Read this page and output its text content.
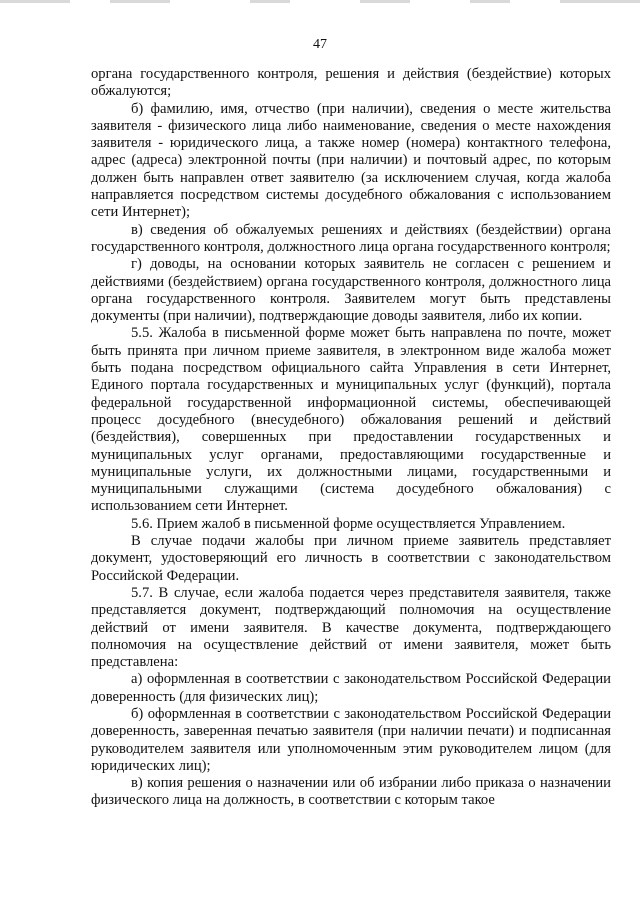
47

органа государственного контроля, решения и действия (бездействие) которых обжалуются;

б) фамилию, имя, отчество (при наличии), сведения о месте жительства заявителя - физического лица либо наименование, сведения о месте нахождения заявителя - юридического лица, а также номер (номера) контактного телефона, адрес (адреса) электронной почты (при наличии) и почтовый адрес, по которым должен быть направлен ответ заявителю (за исключением случая, когда жалоба направляется посредством системы досудебного обжалования с использованием сети Интернет);

в) сведения об обжалуемых решениях и действиях (бездействии) органа государственного контроля, должностного лица органа государственного контроля;

г) доводы, на основании которых заявитель не согласен с решением и действиями (бездействием) органа государственного контроля, должностного лица органа государственного контроля. Заявителем могут быть представлены документы (при наличии), подтверждающие доводы заявителя, либо их копии.

5.5. Жалоба в письменной форме может быть направлена по почте, может быть принята при личном приеме заявителя, в электронном виде жалоба может быть подана посредством официального сайта Управления в сети Интернет, Единого портала государственных и муниципальных услуг (функций), портала федеральной государственной информационной системы, обеспечивающей процесс досудебного (внесудебного) обжалования решений и действий (бездействия), совершенных при предоставлении государственных и муниципальных услуг органами, предоставляющими государственные и муниципальные услуги, их должностными лицами, государственными и муниципальными служащими (система досудебного обжалования) с использованием сети Интернет.

5.6. Прием жалоб в письменной форме осуществляется Управлением.

В случае подачи жалобы при личном приеме заявитель представляет документ, удостоверяющий его личность в соответствии с законодательством Российской Федерации.

5.7. В случае, если жалоба подается через представителя заявителя, также представляется документ, подтверждающий полномочия на осуществление действий от имени заявителя. В качестве документа, подтверждающего полномочия на осуществление действий от имени заявителя, может быть представлена:

а) оформленная в соответствии с законодательством Российской Федерации доверенность (для физических лиц);

б) оформленная в соответствии с законодательством Российской Федерации доверенность, заверенная печатью заявителя (при наличии печати) и подписанная руководителем заявителя или уполномоченным этим руководителем лицом (для юридических лиц);

в) копия решения о назначении или об избрании либо приказа о назначении физического лица на должность, в соответствии с которым такое
